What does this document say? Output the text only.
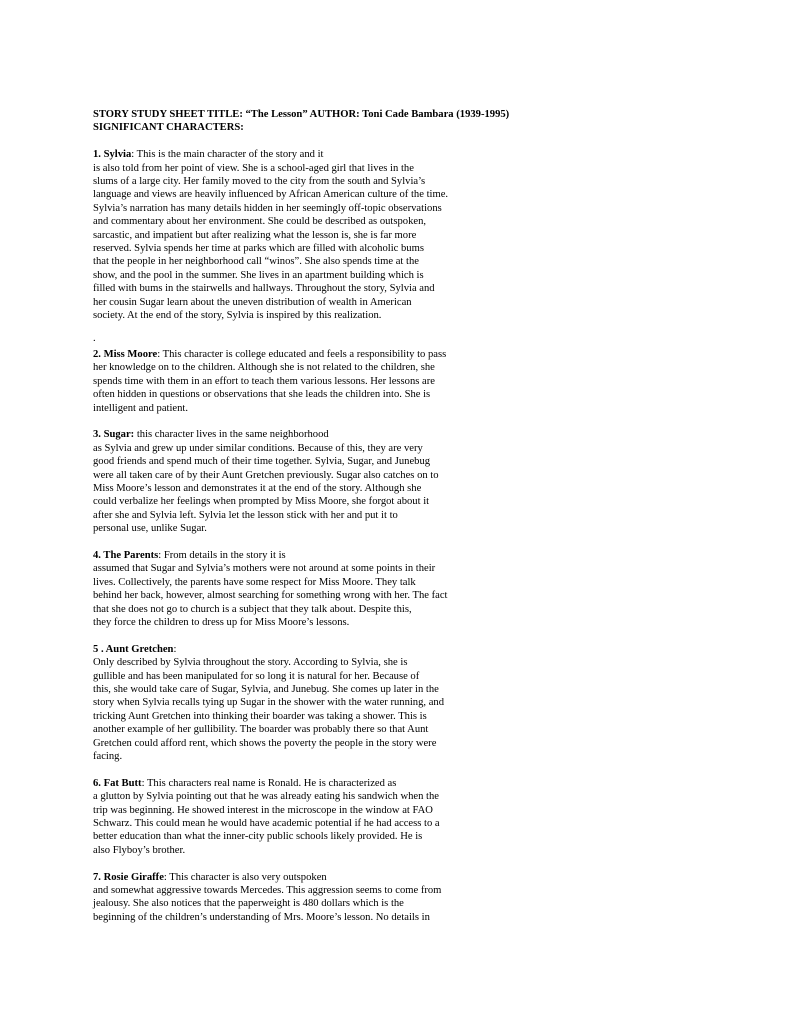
STORY STUDY SHEET TITLE: “The Lesson” AUTHOR: Toni Cade Bambara (1939-1995)
SIGNIFICANT CHARACTERS:
1. Sylvia: This is the main character of the story and it
is also told from her point of view. She is a school-aged girl that lives in the
slums of a large city. Her family moved to the city from the south and Sylvia’s
language and views are heavily influenced by African American culture of the time.
Sylvia’s narration has many details hidden in her seemingly off-topic observations
and commentary about her environment. She could be described as outspoken,
sarcastic, and impatient but after realizing what the lesson is, she is far more
reserved. Sylvia spends her time at parks which are filled with alcoholic bums
that the people in her neighborhood call “winos”. She also spends time at the
show, and the pool in the summer. She lives in an apartment building which is
filled with bums in the stairwells and hallways. Throughout the story, Sylvia and
her cousin Sugar learn about the uneven distribution of wealth in American
society. At the end of the story, Sylvia is inspired by this realization.
.
2. Miss Moore: This character is college educated and feels a responsibility to pass
her knowledge on to the children. Although she is not related to the children, she
spends time with them in an effort to teach them various lessons. Her lessons are
often hidden in questions or observations that she leads the children into. She is
intelligent and patient.
3. Sugar: this character lives in the same neighborhood
as Sylvia and grew up under similar conditions. Because of this, they are very
good friends and spend much of their time together. Sylvia, Sugar, and Junebug
were all taken care of by their Aunt Gretchen previously. Sugar also catches on to
Miss Moore’s lesson and demonstrates it at the end of the story. Although she
could verbalize her feelings when prompted by Miss Moore, she forgot about it
after she and Sylvia left. Sylvia let the lesson stick with her and put it to
personal use, unlike Sugar.
4. The Parents: From details in the story it is
assumed that Sugar and Sylvia’s mothers were not around at some points in their
lives. Collectively, the parents have some respect for Miss Moore. They talk
behind her back, however, almost searching for something wrong with her. The fact
that she does not go to church is a subject that they talk about. Despite this,
they force the children to dress up for Miss Moore’s lessons.
5 . Aunt Gretchen:
Only described by Sylvia throughout the story. According to Sylvia, she is
gullible and has been manipulated for so long it is natural for her. Because of
this, she would take care of Sugar, Sylvia, and Junebug. She comes up later in the
story when Sylvia recalls tying up Sugar in the shower with the water running, and
tricking Aunt Gretchen into thinking their boarder was taking a shower. This is
another example of her gullibility. The boarder was probably there so that Aunt
Gretchen could afford rent, which shows the poverty the people in the story were
facing.
6. Fat Butt: This characters real name is Ronald. He is characterized as
a glutton by Sylvia pointing out that he was already eating his sandwich when the
trip was beginning. He showed interest in the microscope in the window at FAO
Schwarz. This could mean he would have academic potential if he had access to a
better education than what the inner-city public schools likely provided. He is
also Flyboy’s brother.
7. Rosie Giraffe: This character is also very outspoken
and somewhat aggressive towards Mercedes. This aggression seems to come from
jealousy. She also notices that the paperweight is 480 dollars which is the
beginning of the children’s understanding of Mrs. Moore’s lesson. No details in
